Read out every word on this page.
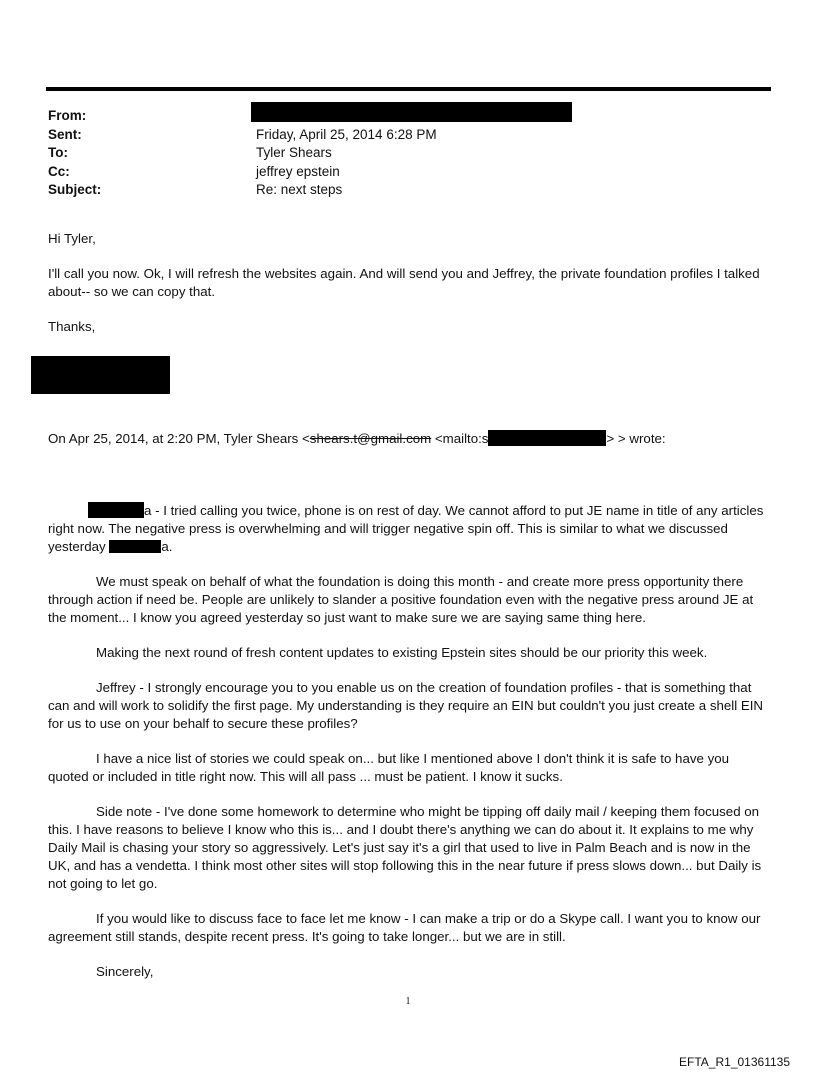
From:
Sent:	Friday, April 25, 2014 6:28 PM
To:	Tyler Shears
Cc:	jeffrey epstein
Subject:	Re: next steps

Hi Tyler,

I'll call you now. Ok, I will refresh the websites again. And will send you and Jeffrey, the private foundation profiles I talked about-- so we can copy that.

Thanks,

On Apr 25, 2014, at 2:20 PM, Tyler Shears <shears.t@gmail.com <mailto:s	> > wrote:

a - I tried calling you twice, phone is on rest of day. We cannot afford to put JE name in title of any articles right now. The negative press is overwhelming and will trigger negative spin off. This is similar to what we discussed yesterday	a.

We must speak on behalf of what the foundation is doing this month - and create more press opportunity there through action if need be. People are unlikely to slander a positive foundation even with the negative press around JE at the moment... I know you agreed yesterday so just want to make sure we are saying same thing here.

Making the next round of fresh content updates to existing Epstein sites should be our priority this week.

Jeffrey - I strongly encourage you to you enable us on the creation of foundation profiles - that is something that can and will work to solidify the first page. My understanding is they require an EIN but couldn't you just create a shell EIN for us to use on your behalf to secure these profiles?

I have a nice list of stories we could speak on... but like I mentioned above I don't think it is safe to have you quoted or included in title right now. This will all pass ... must be patient. I know it sucks.

Side note - I've done some homework to determine who might be tipping off daily mail / keeping them focused on this. I have reasons to believe I know who this is... and I doubt there's anything we can do about it. It explains to me why Daily Mail is chasing your story so aggressively. Let's just say it's a girl that used to live in Palm Beach and is now in the UK, and has a vendetta. I think most other sites will stop following this in the near future if press slows down... but Daily is not going to let go.

If you would like to discuss face to face let me know - I can make a trip or do a Skype call. I want you to know our agreement still stands, despite recent press. It's going to take longer... but we are in still.

Sincerely,

1
EFTA_R1_01361135
